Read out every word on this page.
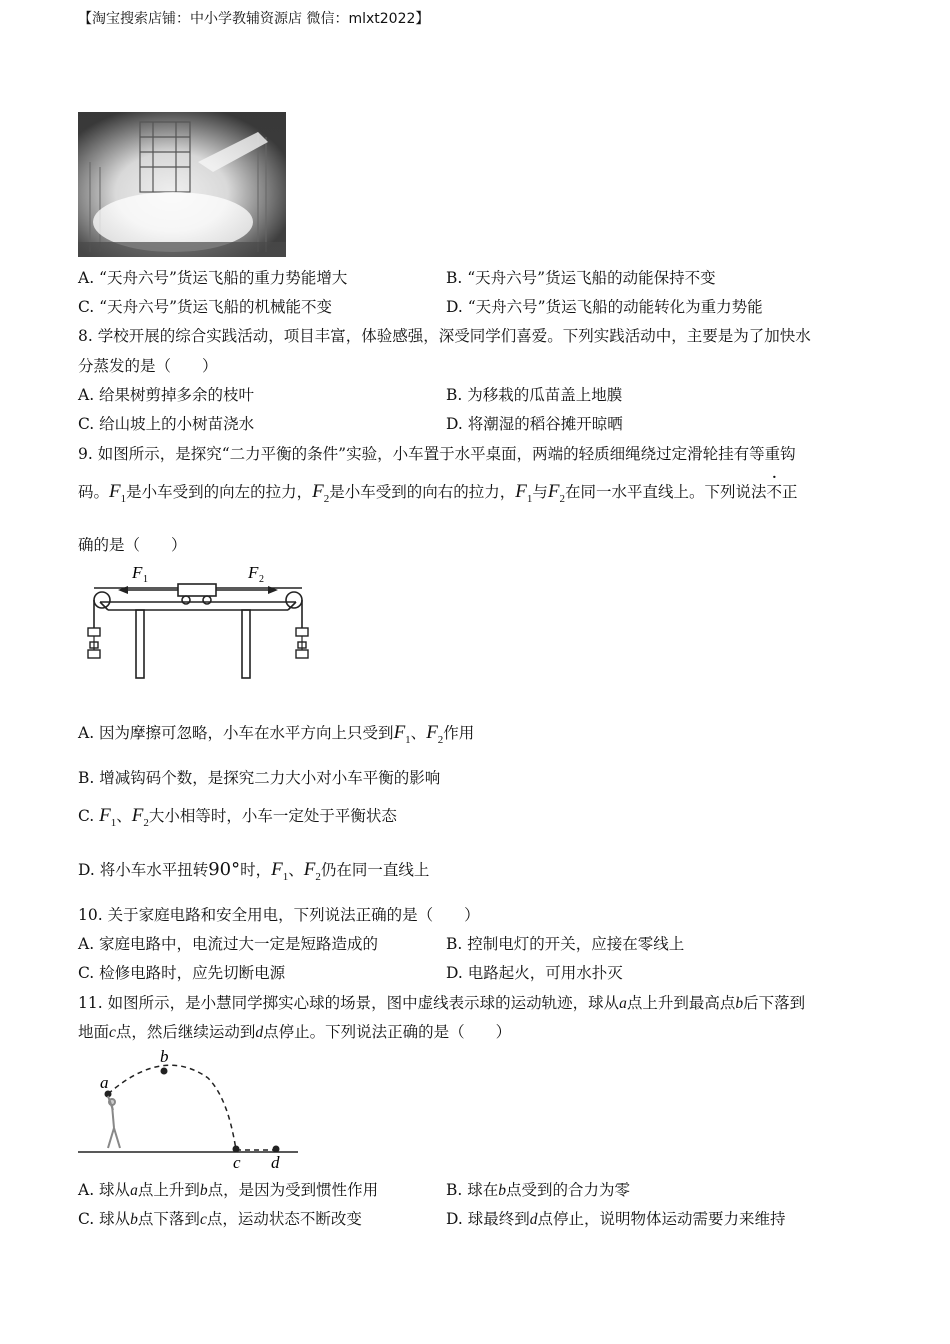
【淘宝搜索店铺：中小学教辅资源店 微信：mlxt2022】
A. “天舟六号”货运飞船的重力势能增大	B. “天舟六号”货运飞船的动能保持不变
C. “天舟六号”货运飞船的机械能不变	D. “天舟六号”货运飞船的动能转化为重力势能
8. 学校开展的综合实践活动，项目丰富，体验感强，深受同学们喜爱。下列实践活动中，主要是为了加快水
分蒸发的是（　　）
A. 给果树剪掉多余的枝叶	B. 为移栽的瓜苗盖上地膜
C. 给山坡上的小树苗浇水	D. 将潮湿的稻谷摊开晾晒
9. 如图所示，是探究“二力平衡的条件”实验，小车置于水平桌面，两端的轻质细绳绕过定滑轮挂有等重钩
码。$F_1$是小车受到的向左的拉力，$F_2$是小车受到的向右的拉力，$F_1$与$F_2$在同一水平直线上。下列说法不正
确的是（　　）
F 1	F 2
A. 因为摩擦可忽略，小车在水平方向上只受到$F_1$、$F_2$作用
B. 增减钩码个数，是探究二力大小对小车平衡的影响
C. $F_1$、$F_2$大小相等时，小车一定处于平衡状态
D. 将小车水平扭转90°时，$F_1$、$F_2$仍在同一直线上
10. 关于家庭电路和安全用电，下列说法正确的是（　　）
A. 家庭电路中，电流过大一定是短路造成的	B. 控制电灯的开关，应接在零线上
C. 检修电路时，应先切断电源	D. 电路起火，可用水扑灭
11. 如图所示，是小慧同学掷实心球的场景，图中虚线表示球的运动轨迹，球从a点上升到最高点b后下落到
地面c点，然后继续运动到d点停止。下列说法正确的是（　　）
a
b
c d
A. 球从a点上升到b点，是因为受到惯性作用	B. 球在b点受到的合力为零
C. 球从b点下落到c点，运动状态不断改变	D. 球最终到d点停止，说明物体运动需要力来维持
